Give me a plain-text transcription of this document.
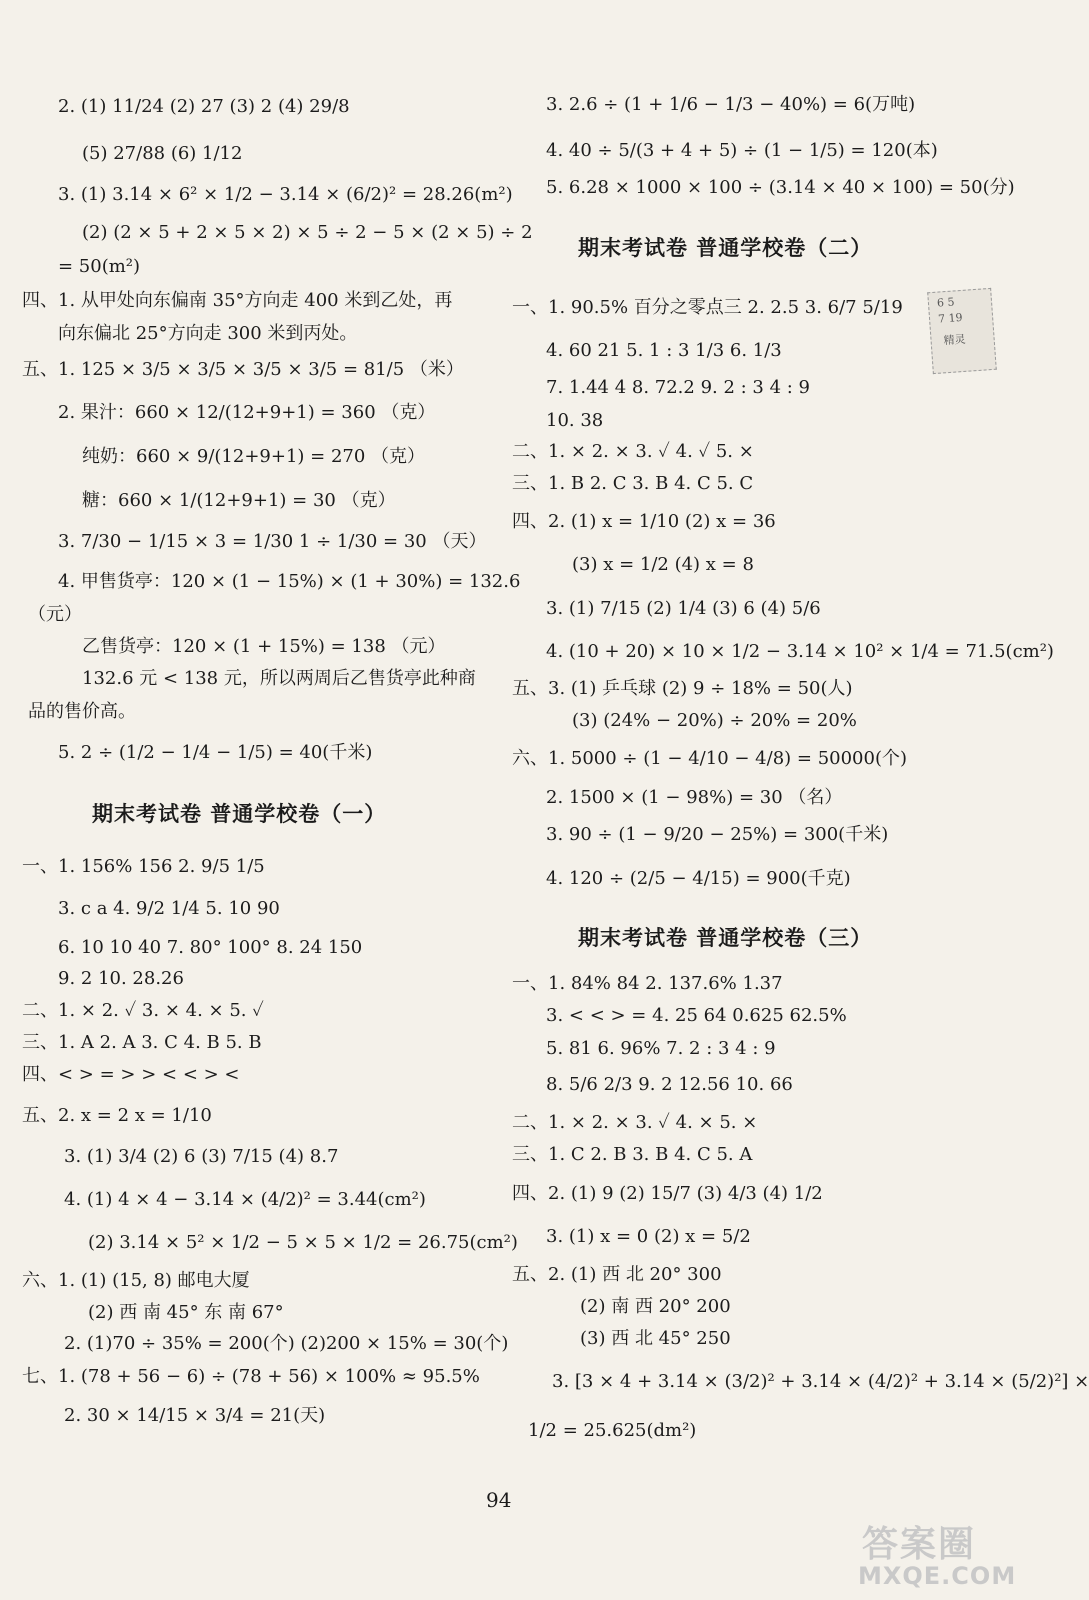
2. (1) 11/24 (2) 27 (3) 2 (4) 29/8
(5) 27/88 (6) 1/12
3. (1) 3.14 × 6² × 1/2 − 3.14 × (6/2)² = 28.26(m²)
(2) (2 × 5 + 2 × 5 × 2) × 5 ÷ 2 − 5 × (2 × 5) ÷ 2
= 50(m²)
四、1. 从甲处向东偏南 35°方向走 400 米到乙处，再
向东偏北 25°方向走 300 米到丙处。
五、1. 125 × 3/5 × 3/5 × 3/5 × 3/5 = 81/5 （米）
2. 果汁：660 × 12/(12+9+1) = 360 （克）
纯奶：660 × 9/(12+9+1) = 270 （克）
糖：660 × 1/(12+9+1) = 30 （克）
3. 7/30 − 1/15 × 3 = 1/30 1 ÷ 1/30 = 30 （天）
4. 甲售货亭：120 × (1 − 15%) × (1 + 30%) = 132.6
（元）
乙售货亭：120 × (1 + 15%) = 138 （元）
132.6 元 < 138 元，所以两周后乙售货亭此种商
品的售价高。
5. 2 ÷ (1/2 − 1/4 − 1/5) = 40(千米)
一、1. 156% 156 2. 9/5 1/5
3. c a 4. 9/2 1/4 5. 10 90
6. 10 10 40 7. 80° 100° 8. 24 150
9. 2 10. 28.26
二、1. × 2. ✓ 3. × 4. × 5. ✓
三、1. A 2. A 3. C 4. B 5. B
四、< > = > > < < > <
五、2. x = 2 x = 1/10
3. (1) 3/4 (2) 6 (3) 7/15 (4) 8.7
4. (1) 4 × 4 − 3.14 × (4/2)² = 3.44(cm²)
(2) 3.14 × 5² × 1/2 − 5 × 5 × 1/2 = 26.75(cm²)
六、1. (1) (15, 8) 邮电大厦
(2) 西 南 45° 东 南 67°
2. (1)70 ÷ 35% = 200(个) (2)200 × 15% = 30(个)
七、1. (78 + 56 − 6) ÷ (78 + 56) × 100% ≈ 95.5%
2. 30 × 14/15 × 3/4 = 21(天)
3. 2.6 ÷ (1 + 1/6 − 1/3 − 40%) = 6(万吨)
4. 40 ÷ 5/(3 + 4 + 5) ÷ (1 − 1/5) = 120(本)
5. 6.28 × 1000 × 100 ÷ (3.14 × 40 × 100) = 50(分)
一、1. 90.5% 百分之零点三 2. 2.5 3. 6/7 5/19
4. 60 21 5. 1 : 3 1/3 6. 1/3
7. 1.44 4 8. 72.2 9. 2 : 3 4 : 9
10. 38
二、1. × 2. × 3. ✓ 4. ✓ 5. ×
三、1. B 2. C 3. B 4. C 5. C
四、2. (1) x = 1/10 (2) x = 36
(3) x = 1/2 (4) x = 8
3. (1) 7/15 (2) 1/4 (3) 6 (4) 5/6
4. (10 + 20) × 10 × 1/2 − 3.14 × 10² × 1/4 = 71.5(cm²)
五、3. (1) 乒乓球 (2) 9 ÷ 18% = 50(人)
(3) (24% − 20%) ÷ 20% = 20%
六、1. 5000 ÷ (1 − 4/10 − 4/8) = 50000(个)
2. 1500 × (1 − 98%) = 30 （名）
3. 90 ÷ (1 − 9/20 − 25%) = 300(千米)
4. 120 ÷ (2/5 − 4/15) = 900(千克)
一、1. 84% 84 2. 137.6% 1.37
3. < < > = 4. 25 64 0.625 62.5%
5. 81 6. 96% 7. 2 : 3 4 : 9
8. 5/6 2/3 9. 2 12.56 10. 66
二、1. × 2. × 3. ✓ 4. × 5. ×
三、1. C 2. B 3. B 4. C 5. A
四、2. (1) 9 (2) 15/7 (3) 4/3 (4) 1/2
3. (1) x = 0 (2) x = 5/2
五、2. (1) 西 北 20° 300
(2) 南 西 20° 200
(3) 西 北 45° 250
3. [3 × 4 + 3.14 × (3/2)² + 3.14 × (4/2)² + 3.14 × (5/2)²] ×
1/2 = 25.625(dm²)
期末考试卷 普通学校卷（二）
期末考试卷 普通学校卷（三）
期末考试卷 普通学校卷（一）
6 5
7 19
精灵
94
答案圈
MXQE.COM
